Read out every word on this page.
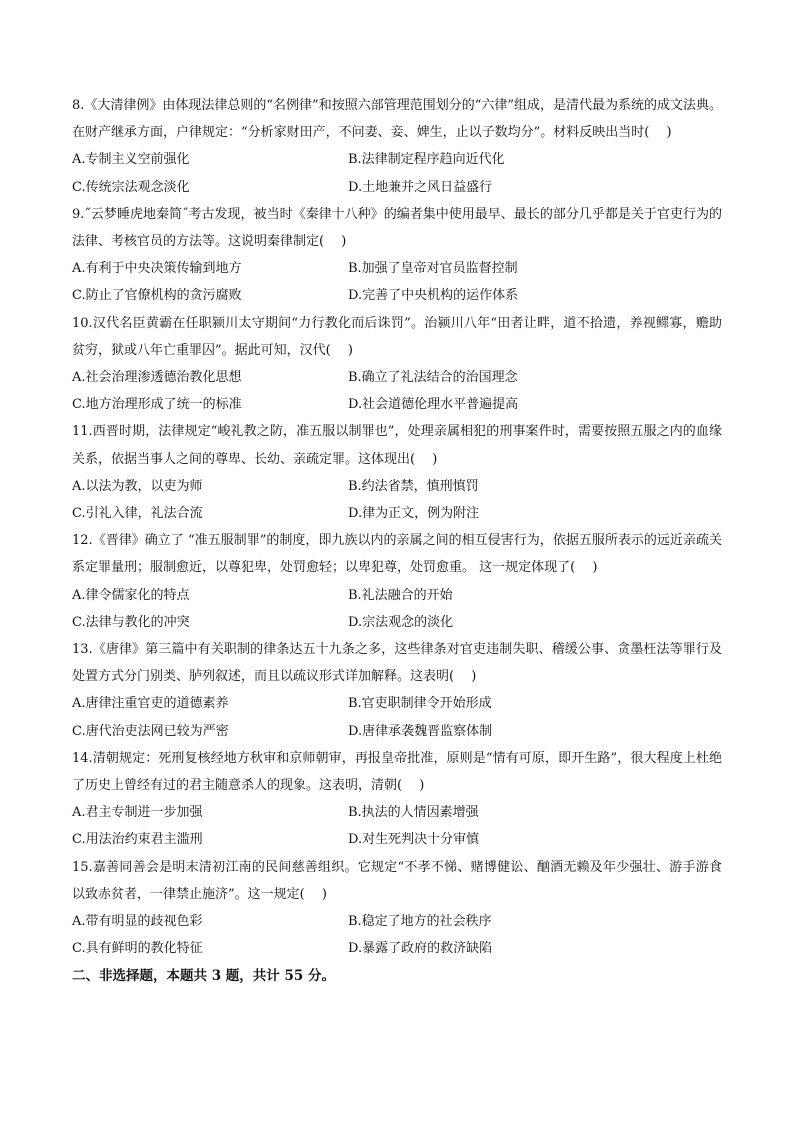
8.《大清律例》由体现法律总则的“名例律”和按照六部管理范围划分的“六律”组成，是清代最为系统的成文法典。在财产继承方面，户律规定：“分析家财田产，不问妻、妾、婢生，止以子数均分”。材料反映出当时(　 )

A.专制主义空前强化	B.法律制定程序趋向近代化
C.传统宗法观念淡化	D.土地兼并之风日益盛行

9.˝云梦睡虎地秦简˝考古发现，被当时《秦律十八种》的编者集中使用最早、最长的部分几乎都是关于官吏行为的法律、考核官员的方法等。这说明秦律制定(　 )

A.有利于中央决策传输到地方	B.加强了皇帝对官员监督控制
C.防止了官僚机构的贪污腐败	D.完善了中央机构的运作体系

10.汉代名臣黄霸在任职颍川太守期间“力行教化而后诛罚”。治颍川八年“田者让畔，道不拾遗，养视鳏寡，赡助贫穷，狱或八年亡重罪囚”。据此可知，汉代(　 )

A.社会治理渗透德治教化思想	B.确立了礼法结合的治国理念
C.地方治理形成了统一的标准	D.社会道德伦理水平普遍提高

11.西晋时期，法律规定“峻礼教之防，准五服以制罪也”，处理亲属相犯的刑事案件时，需要按照五服之内的血缘关系，依据当事人之间的尊卑、长幼、亲疏定罪。这体现出(　 )

A.以法为教，以吏为师	B.约法省禁，慎刑慎罚
C.引礼入律，礼法合流	D.律为正文，例为附注

12.《晋律》确立了 “准五服制罪”的制度，即九族以内的亲属之间的相互侵害行为，依据五服所表示的远近亲疏关系定罪量刑；服制愈近，以尊犯卑，处罚愈轻；以卑犯尊，处罚愈重。 这一规定体现了(　 )

A.律令儒家化的特点	B.礼法融合的开始
C.法律与教化的冲突	D.宗法观念的淡化

13.《唐律》第三篇中有关职制的律条达五十九条之多，这些律条对官吏违制失职、稽缓公事、贪墨枉法等罪行及处置方式分门别类、胪列叙述，而且以疏议形式详加解释。这表明(　 )

A.唐律注重官吏的道德素养	B.官吏职制律令开始形成
C.唐代治吏法网已较为严密	D.唐律承袭魏晋监察体制

14.清朝规定：死刑复核经地方秋审和京师朝审，再报皇帝批准，原则是“情有可原，即开生路”，很大程度上杜绝了历史上曾经有过的君主随意杀人的现象。这表明，清朝(　 )

A.君主专制进一步加强	B.执法的人情因素增强
C.用法治约束君主滥刑	D.对生死判决十分审慎

15.嘉善同善会是明末清初江南的民间慈善组织。它规定“不孝不悌、赌博健讼、酗酒无赖及年少强壮、游手游食以致赤贫者，一律禁止施济”。这一规定(　 )

A.带有明显的歧视色彩	B.稳定了地方的社会秩序
C.具有鲜明的教化特征	D.暴露了政府的救济缺陷

二、非选择题，本题共 3 题，共计 55 分。
